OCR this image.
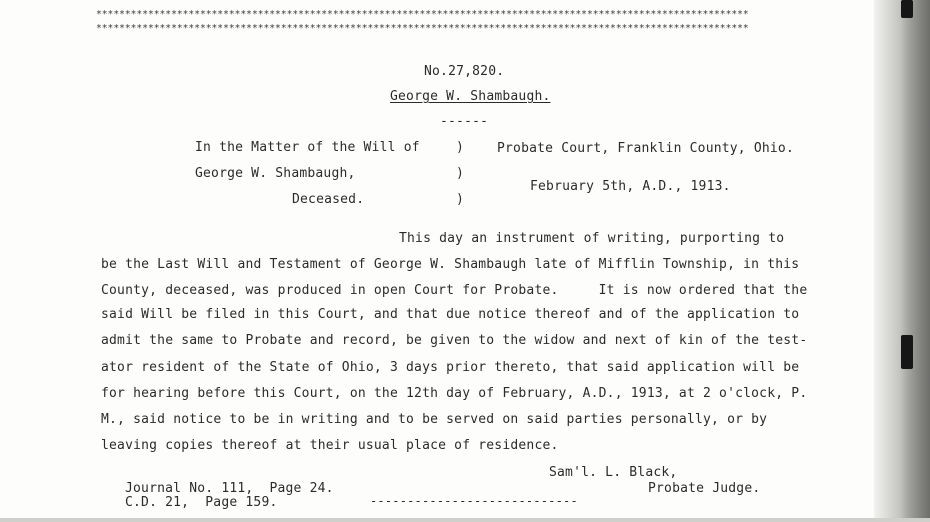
*****************************************************************************************************************
*****************************************************************************************************************
No.27,820.
George W. Shambaugh.
------
In the Matter of the Will of
George W. Shambaugh,
Deceased.
)
)
)
Probate Court, Franklin County, Ohio.
February 5th, A.D., 1913.
This day an instrument of writing, purporting to
be the Last Will and Testament of George W. Shambaugh late of Mifflin Township, in this
County, deceased, was produced in open Court for Probate.     It is now ordered that the
said Will be filed in this Court, and that due notice thereof and of the application to
admit the same to Probate and record, be given to the widow and next of kin of the test-
ator resident of the State of Ohio, 3 days prior thereto, that said application will be
for hearing before this Court, on the 12th day of February, A.D., 1913, at 2 o'clock, P.
M., said notice to be in writing and to be served on said parties personally, or by
leaving copies thereof at their usual place of residence.
Sam'l. L. Black,
Probate Judge.
----------------------------
Journal No. 111,  Page 24.
C.D. 21,  Page 159.
